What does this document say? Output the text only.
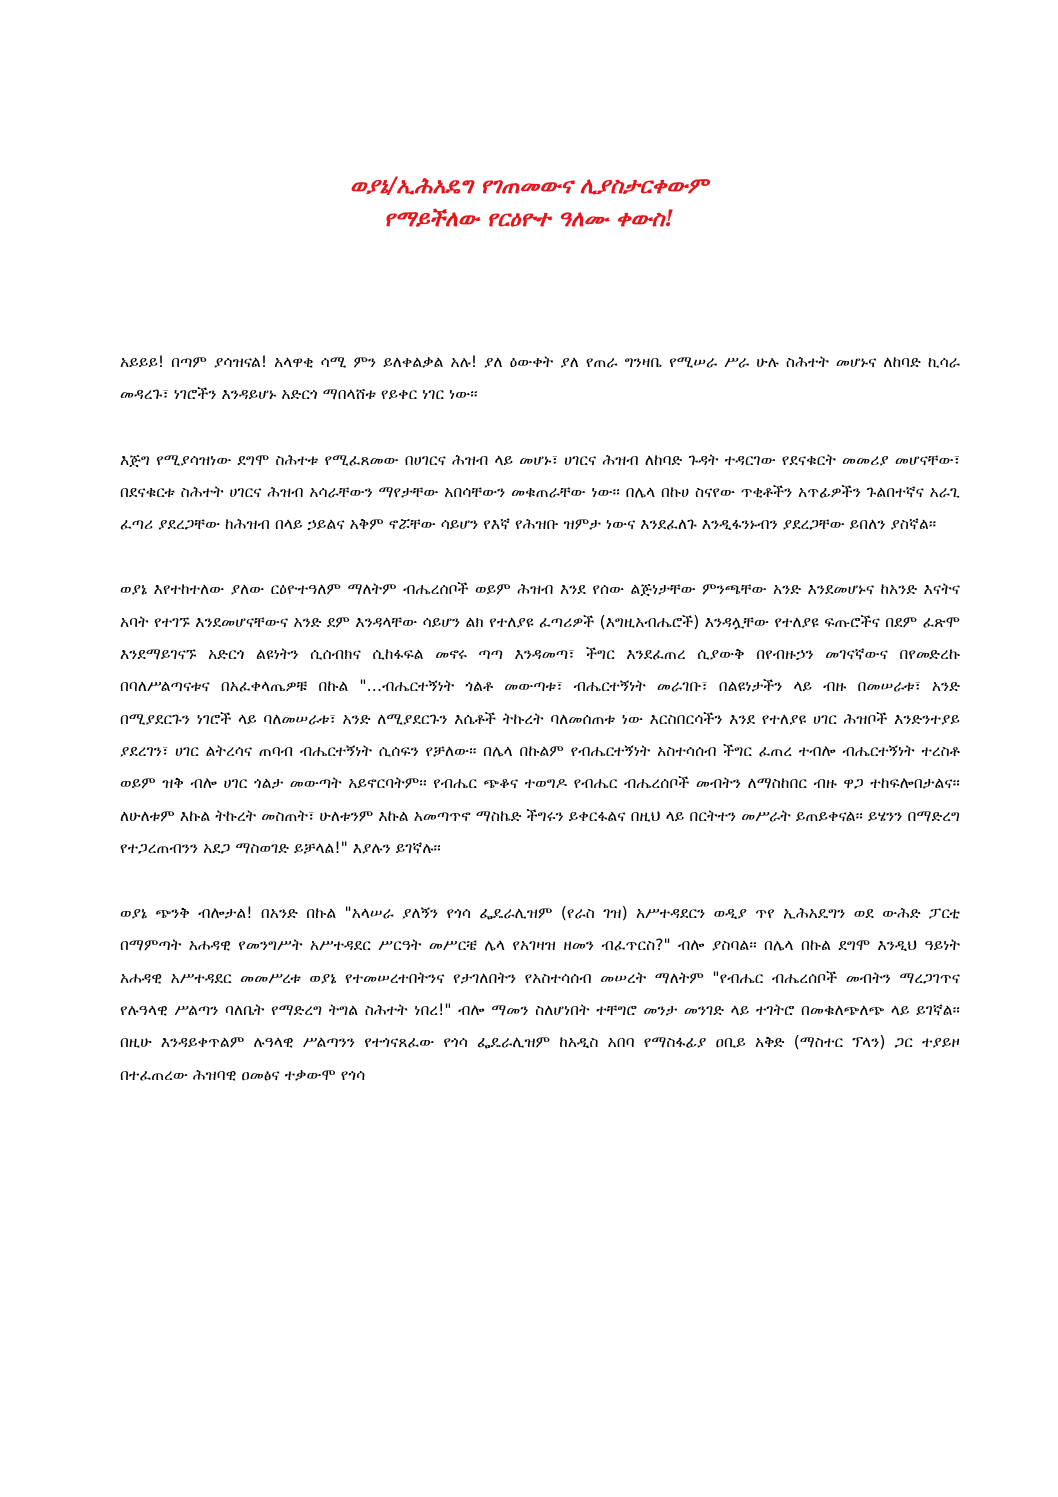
ወያኔ/ኢሕአዴግ የገጠመውና ሊያስታርቀውም
የማይችለው የርዕዮተ ዓለሙ ቀውስ!

አይይይ! በጣም ያሳዝናል! አላዋቂ ሳሚ ምን ይለቀልቃል አሉ! ያለ ዕውቀት ያለ የጠራ ግንዛቤ የሚሠራ ሥራ ሁሉ ስሕተት መሆኑና ለከባድ ኪሳራ መዳረጉ፣ ነገሮችን እንዳይሆኑ አድርጎ ማበላሸቱ የይቀር ነገር ነው፡፡

እጅግ የሚያሳዝነው ደግሞ ስሕተቱ የሚፈጸመው በሀገርና ሕዝብ ላይ መሆኑ፣ ሀገርና ሕዝብ ለከባድ ጉዳት ተዳርገው የደናቁርት መመሪያ መሆናቸው፣ በደናቁርቱ ስሕተት ሀገርና ሕዝብ አሳራቸውን ማየታቸው አበሳቸውን መቁጠራቸው ነው፡፡ በሌላ በኩሀ ስናየው ጥቂቶችን አጥፊዎችን ጉልበተኛና አራጊ ፈጣሪ ያደረጋቸው ከሕዝብ በላይ ኃይልና አቅም ኖሯቸው ሳይሆን የእኛ የሕዝቡ ዝምታ ነውና እንደፈለጉ እንዲፋንኑብን ያደረጋቸው ይበለን ያስኛል፡፡

ወያኔ እየተከተለው ያለው ርዕዮተዓለም ማለትም ብሔረሰቦች ወይም ሕዝብ እንደ የሰው ልጅነታቸው ምንጫቸው አንድ እንደመሆኑና ከአንድ እናትና አባት የተገኙ እንደመሆናቸውና አንድ ደም እንዳላቸው ሳይሆን ልክ የተለያዩ ፈጣሪዎች (እግዚአብሔሮች) እንዳሏቸው የተለያዩ ፍጡሮችና በደም ፈጽሞ እንደማይገናኙ አድርጎ ልዩነትን ሲሰብክና ሲከፋፍል መኖሩ ጣጣ እንዳመጣ፣ ችግር እንደፈጠረ ሲያውቅ በየብዙኃን መገናኛውና በየመድረኩ በባለሥልጣናቱና በአፈቀላጤዎቹ በኩል "…ብሔርተኝነት ጎልቶ መውጣቱ፣ ብሔርተኝነት መራገቡ፣ በልዩነታችን ላይ ብዙ በመሠራቱ፣ አንድ በሚያደርጉን ነገሮች ላይ ባለመሠራቱ፣ አንድ ለሚያደርጉን እሴቶች ትኩረት ባለመሰጠቱ ነው እርስበርሳችን እንደ የተለያዩ ሀገር ሕዝቦች እንድንተያይ ያደረገን፣ ሀገር ልትረሳና ጠባብ ብሔርተኝነት ሲሰፍን የቻለው፡፡ በሌላ በኩልም የብሔርተኝነት አስተሳሰብ ችግር ፈጠረ ተብሎ ብሔርተኝነት ተረስቶ ወይም ዝቅ ብሎ ሀገር ጎልታ መውጣት አይኖርባትም፡፡ የብሔር ጭቆና ተወግዶ የብሔር ብሔረሰቦች መብትን ለማስከበር ብዙ ዋጋ ተከፍሎበታልና፡፡ ለሁለቱም እኩል ትኩረት መስጠት፣ ሁለቱንም እኩል አመጣጥኖ ማስኬድ ችግሩን ይቀርፋልና በዚህ ላይ በርትተን መሥራት ይጠይቀናል፡፡ ይሄንን በማድረግ የተጋረጠብንን አደጋ ማስወገድ ይቻላል!" እያሉን ይገኛሉ፡፡

ወያኔ ጭንቅ ብሎታል! በአንድ በኩል "አላሠራ ያለኝን የጎሳ ፌዴራሊዝም (የራስ ገዝ) አሥተዳደርን ወዲያ ጥየ ኢሕአዴግን ወደ ውሕድ ፓርቲ በማምጣት አሐዳዊ የመንግሥት አሥተዳደር ሥርዓት መሥርቼ ሌላ የአገዛዝ ዘመን ብፈጥርስ?" ብሎ ያስባል፡፡ በሌላ በኩል ደግሞ እንዲህ ዓይነት አሐዳዊ አሥተዳደር መመሥረቱ ወያኔ የተመሠረተበትንና የታገለበትን የአስተሳሰብ መሠረት ማለትም "የብሔር ብሔረሰቦች መብትን ማረጋገጥና የሉዓላዊ ሥልጣን ባለቤት የማድረግ ትግል ስሕተት ነበረ!" ብሎ ማመን ስለሆነበት ተቸግሮ መንታ መንገድ ላይ ተገትሮ በመቁለጭለጭ ላይ ይገኛል፡፡ በዚሁ እንዳይቀጥልም ሉዓላዊ ሥልጣንን የተጎናጸፈው የጎሳ ፌዴራሊዝም ከአዲስ አበባ የማስፋፊያ ዐቢይ አቅድ (ማስተር ፕላን) ጋር ተያይዞ በተፈጠረው ሕዝባዊ ዐመፅና ተቃውሞ የጎሳ
